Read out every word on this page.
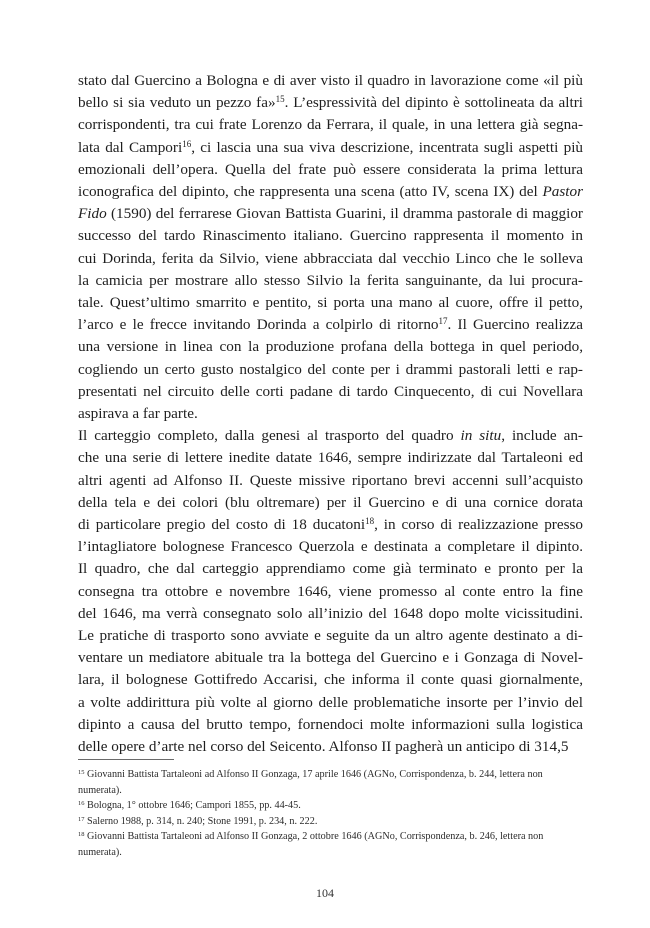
stato dal Guercino a Bologna e di aver visto il quadro in lavorazione come «il più
bello si sia veduto un pezzo fa»$^{15}$. L’espressività del dipinto è sottolineata da altri
corrispondenti, tra cui frate Lorenzo da Ferrara, il quale, in una lettera già segna-
lata dal Campori$^{16}$, ci lascia una sua viva descrizione, incentrata sugli aspetti più
emozionali dell’opera. Quella del frate può essere considerata la prima lettura
iconografica del dipinto, che rappresenta una scena (atto IV, scena IX) del Pastor
Fido (1590) del ferrarese Giovan Battista Guarini, il dramma pastorale di maggior
successo del tardo Rinascimento italiano. Guercino rappresenta il momento in
cui Dorinda, ferita da Silvio, viene abbracciata dal vecchio Linco che le solleva
la camicia per mostrare allo stesso Silvio la ferita sanguinante, da lui procura-
tale. Quest’ultimo smarrito e pentito, si porta una mano al cuore, offre il petto,
l’arco e le frecce invitando Dorinda a colpirlo di ritorno$^{17}$. Il Guercino realizza
una versione in linea con la produzione profana della bottega in quel periodo,
cogliendo un certo gusto nostalgico del conte per i drammi pastorali letti e rap-
presentati nel circuito delle corti padane di tardo Cinquecento, di cui Novellara
aspirava a far parte.

Il carteggio completo, dalla genesi al trasporto del quadro in situ, include an-
che una serie di lettere inedite datate 1646, sempre indirizzate dal Tartaleoni ed
altri agenti ad Alfonso II. Queste missive riportano brevi accenni sull’acquisto
della tela e dei colori (blu oltremare) per il Guercino e di una cornice dorata
di particolare pregio del costo di 18 ducatoni$^{18}$, in corso di realizzazione presso
l’intagliatore bolognese Francesco Querzola e destinata a completare il dipinto.
Il quadro, che dal carteggio apprendiamo come già terminato e pronto per la
consegna tra ottobre e novembre 1646, viene promesso al conte entro la fine
del 1646, ma verrà consegnato solo all’inizio del 1648 dopo molte vicissitudini.
Le pratiche di trasporto sono avviate e seguite da un altro agente destinato a di-
ventare un mediatore abituale tra la bottega del Guercino e i Gonzaga di Novel-
lara, il bolognese Gottifredo Accarisi, che informa il conte quasi giornalmente,
a volte addirittura più volte al giorno delle problematiche insorte per l’invio del
dipinto a causa del brutto tempo, fornendoci molte informazioni sulla logistica
delle opere d’arte nel corso del Seicento. Alfonso II pagherà un anticipo di 314,5

$^{15}$ Giovanni Battista Tartaleoni ad Alfonso II Gonzaga, 17 aprile 1646 (AGNo, Corrispondenza, b. 244, lettera non numerata).

$^{16}$ Bologna, 1° ottobre 1646; Campori 1855, pp. 44-45.

$^{17}$ Salerno 1988, p. 314, n. 240; Stone 1991, p. 234, n. 222.

$^{18}$ Giovanni Battista Tartaleoni ad Alfonso II Gonzaga, 2 ottobre 1646 (AGNo, Corrispondenza, b. 246, lettera non numerata).

104
